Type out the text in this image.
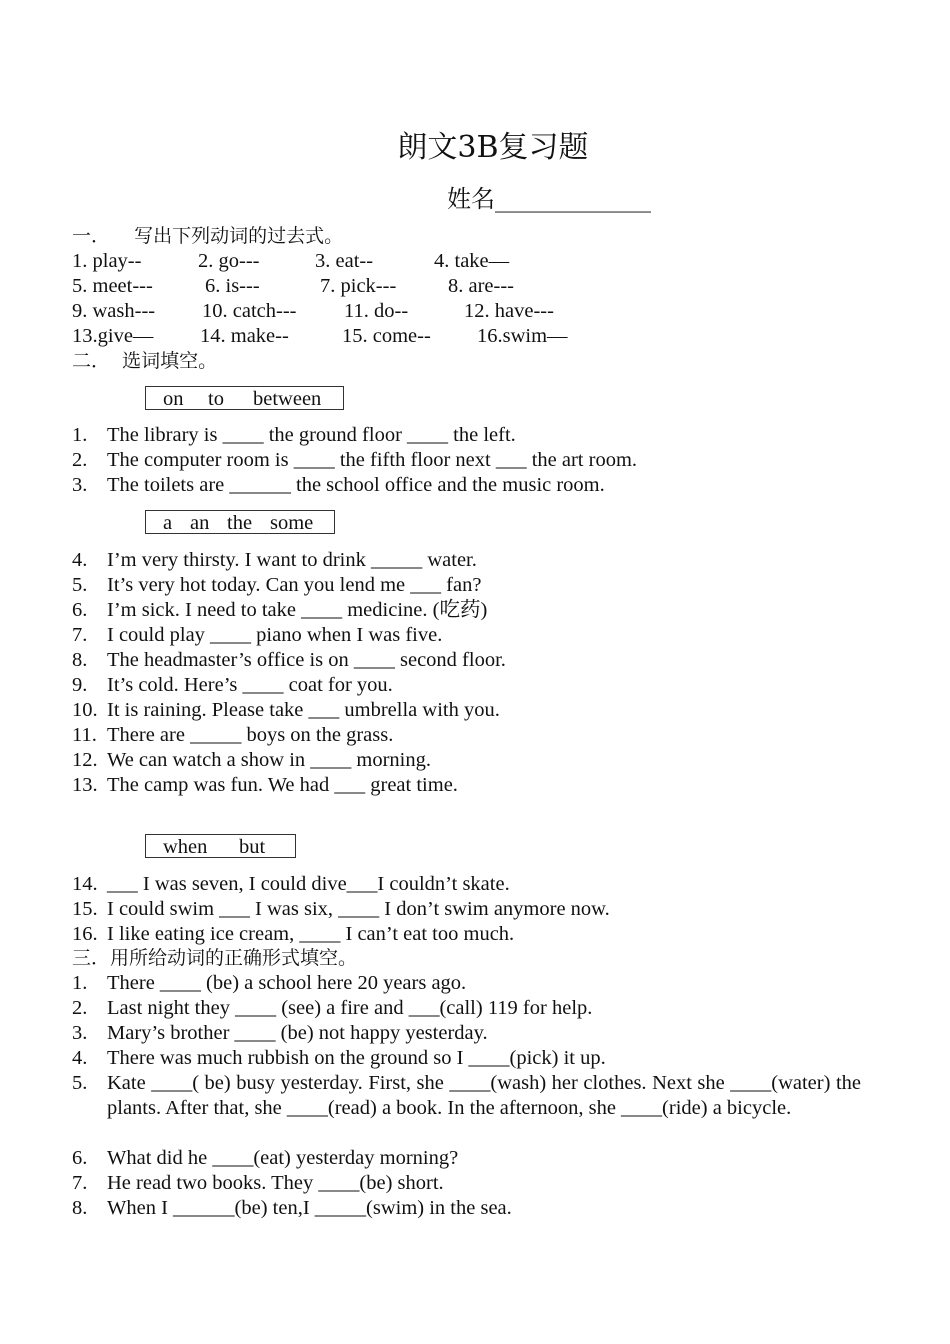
朗文3B复习题
姓名_____________
一．    写出下列动词的过去式。
1. play--	2. go---	3. eat--	4. take—
5. meet---	6. is---	7. pick---	8. are---
9. wash--- 10. catch--- 11. do--	12. have---
13.give— 14. make--	15. come-- 16.swim—
二．  选词填空。
on to between
1. The library is ____ the ground floor ____ the left.
2. The computer room is ____ the fifth floor next ___ the art room.
3. The toilets are ______ the school office and the music room.
a an the some
4. I’m very thirsty. I want to drink _____ water.
5. It’s very hot today. Can you lend me ___ fan?
6. I’m sick. I need to take ____ medicine. (吃药)
7. I could play ____ piano when I was five.
8. The headmaster’s office is on ____ second floor.
9. It’s cold. Here’s ____ coat for you.
10. It is raining. Please take ___ umbrella with you.
11. There are _____ boys on the grass.
12. We can watch a show in ____ morning.
13. The camp was fun. We had ___ great time.
when but
14. ___ I was seven, I could dive___I couldn’t skate.
15. I could swim ___ I was six, ____ I don’t swim anymore now.
16. I like eating ice cream, ____ I can’t eat too much.
三．用所给动词的正确形式填空。
1. There ____ (be) a school here 20 years ago.
2. Last night they ____ (see) a fire and ___(call) 119 for help.
3. Mary’s brother ____ (be) not happy yesterday.
4. There was much rubbish on the ground so I ____(pick) it up.
5. Kate ____( be) busy yesterday. First, she ____(wash) her clothes. Next she ____(water) the plants. After that, she ____(read) a book. In the afternoon, she ____(ride) a bicycle.
6. What did he ____(eat) yesterday morning?
7. He read two books. They ____(be) short.
8. When I ______(be) ten,I _____(swim) in the sea.
